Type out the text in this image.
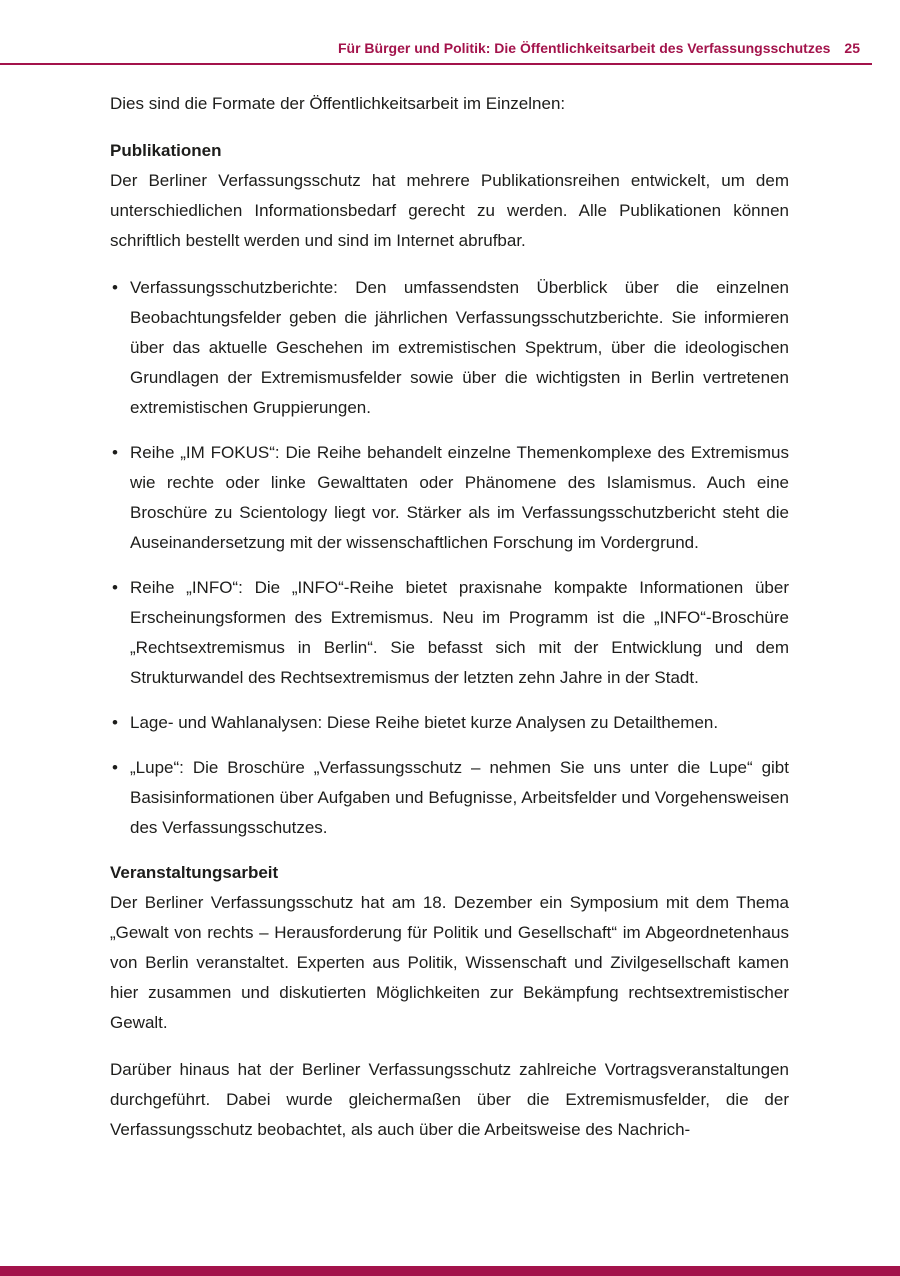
Für Bürger und Politik: Die Öffentlichkeitsarbeit des Verfassungsschutzes 25

Dies sind die Formate der Öffentlichkeitsarbeit im Einzelnen:

Publikationen

Der Berliner Verfassungsschutz hat mehrere Publikationsreihen entwickelt, um dem unterschiedlichen Informationsbedarf gerecht zu werden. Alle Publikationen können schriftlich bestellt werden und sind im Internet abrufbar.

• Verfassungsschutzberichte: Den umfassendsten Überblick über die einzelnen Beobachtungsfelder geben die jährlichen Verfassungsschutzberichte. Sie informieren über das aktuelle Geschehen im extremistischen Spektrum, über die ideologischen Grundlagen der Extremismusfelder sowie über die wichtigsten in Berlin vertretenen extremistischen Gruppierungen.
• Reihe „IM FOKUS“: Die Reihe behandelt einzelne Themenkomplexe des Extremismus wie rechte oder linke Gewalttaten oder Phänomene des Islamismus. Auch eine Broschüre zu Scientology liegt vor. Stärker als im Verfassungsschutzbericht steht die Auseinandersetzung mit der wissenschaftlichen Forschung im Vordergrund.
• Reihe „INFO“: Die „INFO“-Reihe bietet praxisnahe kompakte Informationen über Erscheinungsformen des Extremismus. Neu im Programm ist die „INFO“-Broschüre „Rechtsextremismus in Berlin“. Sie befasst sich mit der Entwicklung und dem Strukturwandel des Rechtsextremismus der letzten zehn Jahre in der Stadt.
• Lage- und Wahlanalysen: Diese Reihe bietet kurze Analysen zu Detailthemen.
• „Lupe“: Die Broschüre „Verfassungsschutz – nehmen Sie uns unter die Lupe“ gibt Basisinformationen über Aufgaben und Befugnisse, Arbeitsfelder und Vorgehensweisen des Verfassungsschutzes.
Veranstaltungsarbeit

Der Berliner Verfassungsschutz hat am 18. Dezember ein Symposium mit dem Thema „Gewalt von rechts – Herausforderung für Politik und Gesellschaft“ im Abgeordnetenhaus von Berlin veranstaltet. Experten aus Politik, Wissenschaft und Zivilgesellschaft kamen hier zusammen und diskutierten Möglichkeiten zur Bekämpfung rechtsextremistischer Gewalt.

Darüber hinaus hat der Berliner Verfassungsschutz zahlreiche Vortragsveranstaltungen durchgeführt. Dabei wurde gleichermaßen über die Extremismusfelder, die der Verfassungsschutz beobachtet, als auch über die Arbeitsweise des Nachrich-
